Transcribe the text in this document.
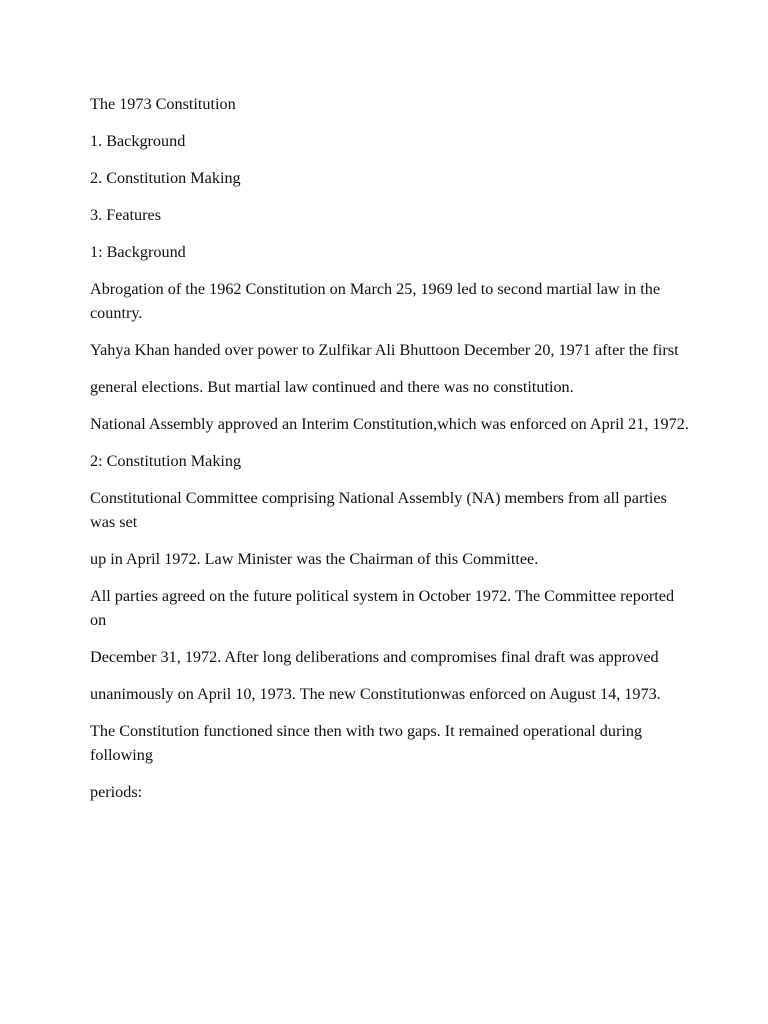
The 1973 Constitution

1. Background

2. Constitution Making

3. Features

1: Background

Abrogation of the 1962 Constitution on March 25, 1969 led to second martial law in the country.

Yahya Khan handed over power to Zulfikar Ali Bhuttoon December 20, 1971 after the first

general elections. But martial law continued and there was no constitution.

National Assembly approved an Interim Constitution,which was enforced on April 21, 1972.

2: Constitution Making

Constitutional Committee comprising National Assembly (NA) members from all parties was set

up in April 1972. Law Minister was the Chairman of this Committee.

All parties agreed on the future political system in October 1972. The Committee reported on

December 31, 1972. After long deliberations and compromises final draft was approved

unanimously on April 10, 1973. The new Constitutionwas enforced on August 14, 1973.

The Constitution functioned since then with two gaps. It remained operational during following

periods:
